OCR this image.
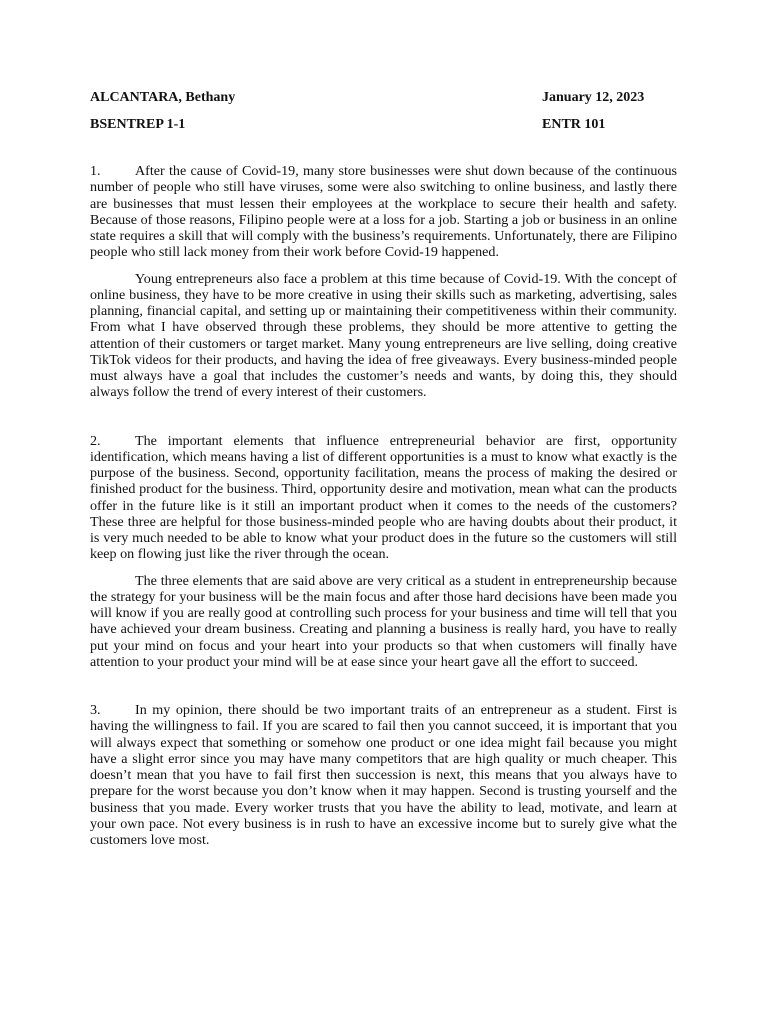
ALCANTARA, Bethany	January 12, 2023
BSENTREP 1-1	ENTR 101

1. After the cause of Covid-19, many store businesses were shut down because of the continuous number of people who still have viruses, some were also switching to online business, and lastly there are businesses that must lessen their employees at the workplace to secure their health and safety. Because of those reasons, Filipino people were at a loss for a job. Starting a job or business in an online state requires a skill that will comply with the business’s requirements. Unfortunately, there are Filipino people who still lack money from their work before Covid-19 happened.

Young entrepreneurs also face a problem at this time because of Covid-19. With the concept of online business, they have to be more creative in using their skills such as marketing, advertising, sales planning, financial capital, and setting up or maintaining their competitiveness within their community. From what I have observed through these problems, they should be more attentive to getting the attention of their customers or target market. Many young entrepreneurs are live selling, doing creative TikTok videos for their products, and having the idea of free giveaways. Every business-minded people must always have a goal that includes the customer’s needs and wants, by doing this, they should always follow the trend of every interest of their customers.

2. The important elements that influence entrepreneurial behavior are first, opportunity identification, which means having a list of different opportunities is a must to know what exactly is the purpose of the business. Second, opportunity facilitation, means the process of making the desired or finished product for the business. Third, opportunity desire and motivation, mean what can the products offer in the future like is it still an important product when it comes to the needs of the customers? These three are helpful for those business-minded people who are having doubts about their product, it is very much needed to be able to know what your product does in the future so the customers will still keep on flowing just like the river through the ocean.

The three elements that are said above are very critical as a student in entrepreneurship because the strategy for your business will be the main focus and after those hard decisions have been made you will know if you are really good at controlling such process for your business and time will tell that you have achieved your dream business. Creating and planning a business is really hard, you have to really put your mind on focus and your heart into your products so that when customers will finally have attention to your product your mind will be at ease since your heart gave all the effort to succeed.

3. In my opinion, there should be two important traits of an entrepreneur as a student. First is having the willingness to fail. If you are scared to fail then you cannot succeed, it is important that you will always expect that something or somehow one product or one idea might fail because you might have a slight error since you may have many competitors that are high quality or much cheaper. This doesn’t mean that you have to fail first then succession is next, this means that you always have to prepare for the worst because you don’t know when it may happen. Second is trusting yourself and the business that you made. Every worker trusts that you have the ability to lead, motivate, and learn at your own pace. Not every business is in rush to have an excessive income but to surely give what the customers love most.
